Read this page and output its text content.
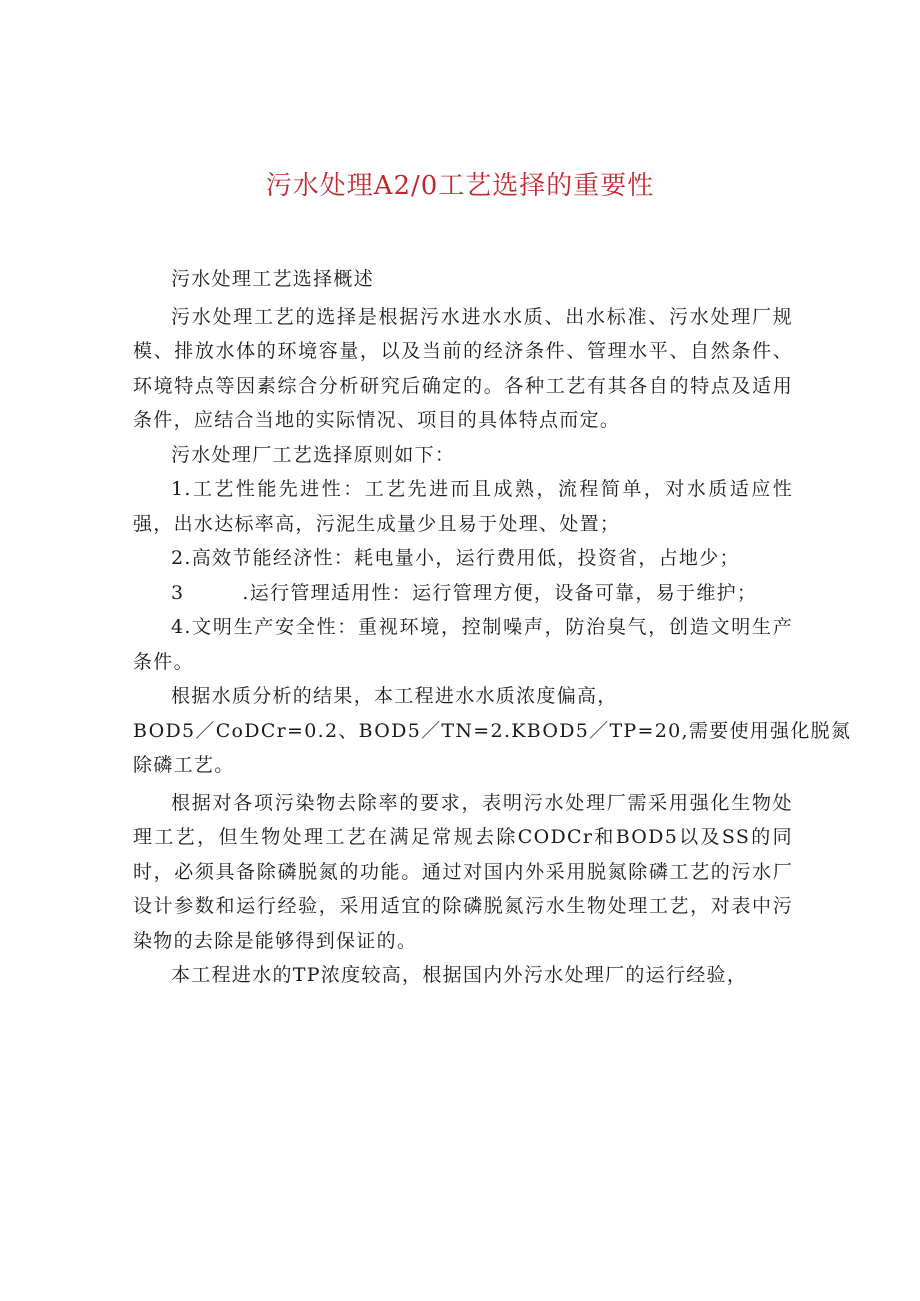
污水处理A2/0工艺选择的重要性

污水处理工艺选择概述

污水处理工艺的选择是根据污水进水水质、出水标准、污水处理厂规模、排放水体的环境容量，以及当前的经济条件、管理水平、自然条件、环境特点等因素综合分析研究后确定的。各种工艺有其各自的特点及适用条件，应结合当地的实际情况、项目的具体特点而定。

污水处理厂工艺选择原则如下：

1.工艺性能先进性：工艺先进而且成熟，流程简单，对水质适应性强，出水达标率高，污泥生成量少且易于处理、处置；

2.高效节能经济性：耗电量小，运行费用低，投资省，占地少；

3	.运行管理适用性：运行管理方便，设备可靠，易于维护；

4.文明生产安全性：重视环境，控制噪声，防治臭气，创造文明生产条件。

根据水质分析的结果，本工程进水水质浓度偏高，
BOD5／CoDCr=0.2、BOD5／TN=2.KBOD5／TP=20,需要使用强化脱氮
除磷工艺。

根据对各项污染物去除率的要求，表明污水处理厂需采用强化生物处理工艺，但生物处理工艺在满足常规去除CODCr和BOD5以及SS的同时，必须具备除磷脱氮的功能。通过对国内外采用脱氮除磷工艺的污水厂设计参数和运行经验，采用适宜的除磷脱氮污水生物处理工艺，对表中污染物的去除是能够得到保证的。

本工程进水的TP浓度较高，根据国内外污水处理厂的运行经验，
